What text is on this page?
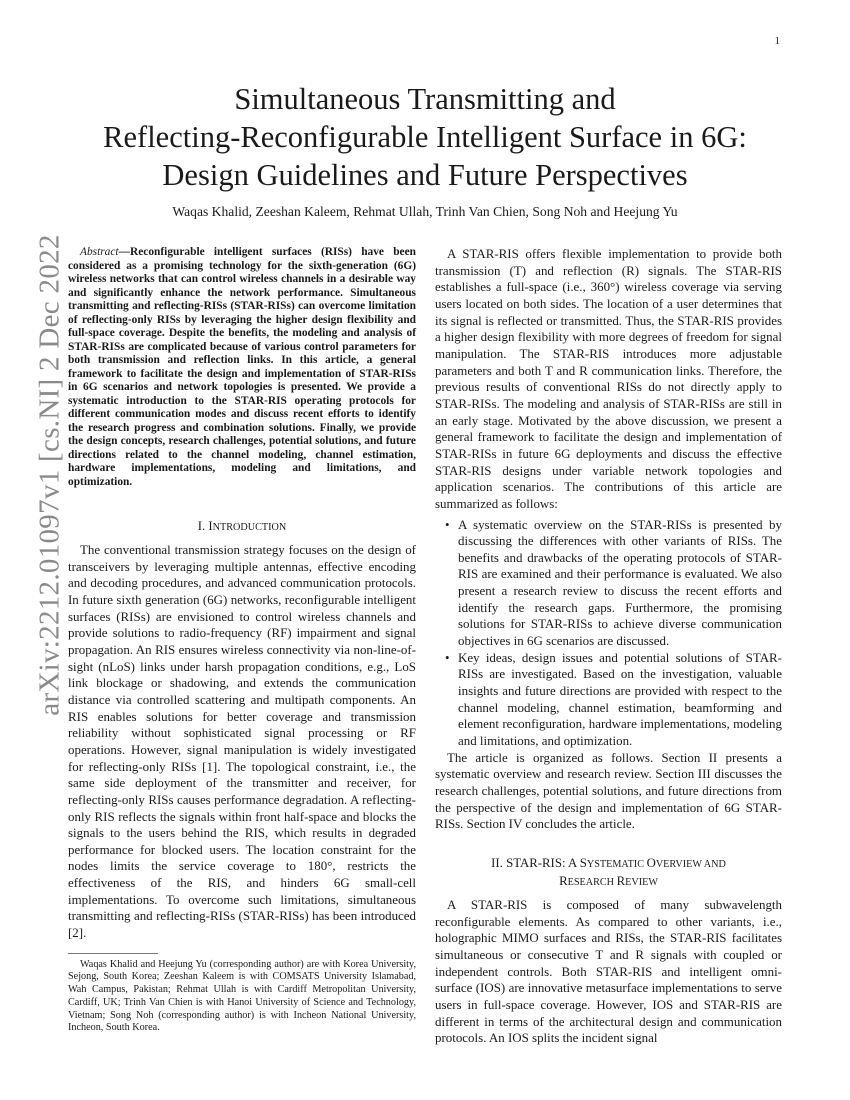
1
arXiv:2212.01097v1 [cs.NI] 2 Dec 2022
Simultaneous Transmitting and
Reflecting-Reconfigurable Intelligent Surface in 6G:
Design Guidelines and Future Perspectives
Waqas Khalid, Zeeshan Kaleem, Rehmat Ullah, Trinh Van Chien, Song Noh and Heejung Yu

Abstract—Reconfigurable intelligent surfaces (RISs) have been considered as a promising technology for the sixth-generation (6G) wireless networks that can control wireless channels in a desirable way and significantly enhance the network performance. Simultaneous transmitting and reflecting-RISs (STAR-RISs) can overcome limitation of reflecting-only RISs by leveraging the higher design flexibility and full-space coverage. Despite the benefits, the modeling and analysis of STAR-RISs are complicated because of various control parameters for both transmission and reflection links. In this article, a general framework to facilitate the design and implementation of STAR-RISs in 6G scenarios and network topologies is presented. We provide a systematic introduction to the STAR-RIS operating protocols for different communication modes and discuss recent efforts to identify the research progress and combination solutions. Finally, we provide the design concepts, research challenges, potential solutions, and future directions related to the channel modeling, channel estimation, hardware implementations, modeling and limitations, and optimization.

I. INTRODUCTION

The conventional transmission strategy focuses on the design of transceivers by leveraging multiple antennas, effective encoding and decoding procedures, and advanced communication protocols. In future sixth generation (6G) networks, reconfigurable intelligent surfaces (RISs) are envisioned to control wireless channels and provide solutions to radio-frequency (RF) impairment and signal propagation. An RIS ensures wireless connectivity via non-line-of-sight (nLoS) links under harsh propagation conditions, e.g., LoS link blockage or shadowing, and extends the communication distance via controlled scattering and multipath components. An RIS enables solutions for better coverage and transmission reliability without sophisticated signal processing or RF operations. However, signal manipulation is widely investigated for reflecting-only RISs [1]. The topological constraint, i.e., the same side deployment of the transmitter and receiver, for reflecting-only RISs causes performance degradation. A reflecting-only RIS reflects the signals within front half-space and blocks the signals to the users behind the RIS, which results in degraded performance for blocked users. The location constraint for the nodes limits the service coverage to 180°, restricts the effectiveness of the RIS, and hinders 6G small-cell implementations. To overcome such limitations, simultaneous transmitting and reflecting-RISs (STAR-RISs) has been introduced [2].

Waqas Khalid and Heejung Yu (corresponding author) are with Korea University, Sejong, South Korea; Zeeshan Kaleem is with COMSATS University Islamabad, Wah Campus, Pakistan; Rehmat Ullah is with Cardiff Metropolitan University, Cardiff, UK; Trinh Van Chien is with Hanoi University of Science and Technology, Vietnam; Song Noh (corresponding author) is with Incheon National University, Incheon, South Korea.

A STAR-RIS offers flexible implementation to provide both transmission (T) and reflection (R) signals. The STAR-RIS establishes a full-space (i.e., 360°) wireless coverage via serving users located on both sides. The location of a user determines that its signal is reflected or transmitted. Thus, the STAR-RIS provides a higher design flexibility with more degrees of freedom for signal manipulation. The STAR-RIS introduces more adjustable parameters and both T and R communication links. Therefore, the previous results of conventional RISs do not directly apply to STAR-RISs. The modeling and analysis of STAR-RISs are still in an early stage. Motivated by the above discussion, we present a general framework to facilitate the design and implementation of STAR-RISs in future 6G deployments and discuss the effective STAR-RIS designs under variable network topologies and application scenarios. The contributions of this article are summarized as follows:

• A systematic overview on the STAR-RISs is presented by discussing the differences with other variants of RISs. The benefits and drawbacks of the operating protocols of STAR-RIS are examined and their performance is evaluated. We also present a research review to discuss the recent efforts and identify the research gaps. Furthermore, the promising solutions for STAR-RISs to achieve diverse communication objectives in 6G scenarios are discussed.
• Key ideas, design issues and potential solutions of STAR-RISs are investigated. Based on the investigation, valuable insights and future directions are provided with respect to the channel modeling, channel estimation, beamforming and element reconfiguration, hardware implementations, modeling and limitations, and optimization.

The article is organized as follows. Section II presents a systematic overview and research review. Section III discusses the research challenges, potential solutions, and future directions from the perspective of the design and implementation of 6G STAR-RISs. Section IV concludes the article.

II. STAR-RIS: A SYSTEMATIC OVERVIEW AND
RESEARCH REVIEW

A STAR-RIS is composed of many subwavelength reconfigurable elements. As compared to other variants, i.e., holographic MIMO surfaces and RISs, the STAR-RIS facilitates simultaneous or consecutive T and R signals with coupled or independent controls. Both STAR-RIS and intelligent omni-surface (IOS) are innovative metasurface implementations to serve users in full-space coverage. However, IOS and STAR-RIS are different in terms of the architectural design and communication protocols. An IOS splits the incident signal
